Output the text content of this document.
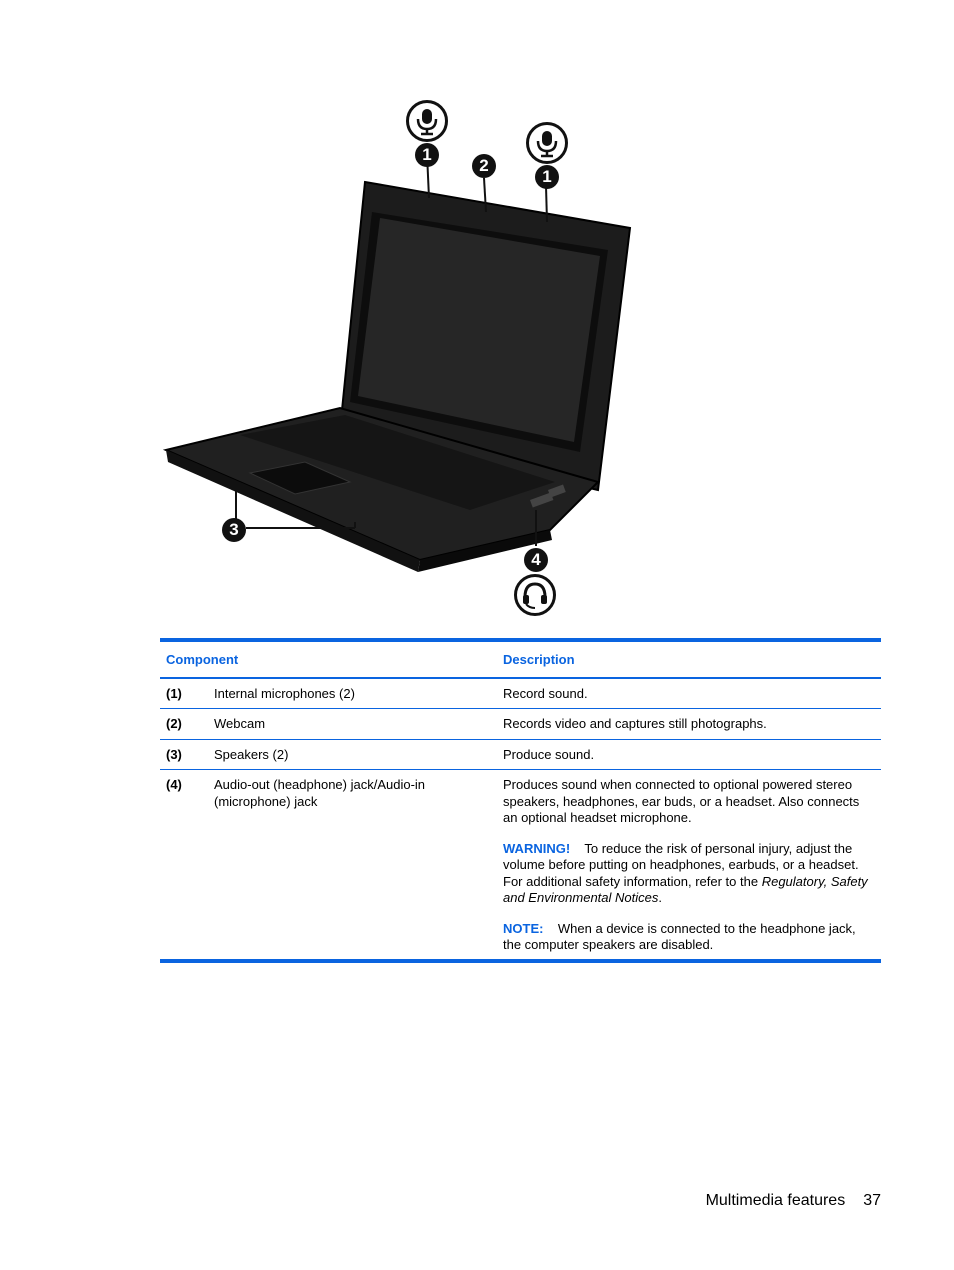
1
2
1
3
4
Component		Description
(1)	Internal microphones (2)	Record sound.
(2)	Webcam	Records video and captures still photographs.
(3)	Speakers (2)	Produce sound.
(4)	Audio-out (headphone) jack/Audio-in (microphone) jack	Produces sound when connected to optional powered stereo speakers, headphones, ear buds, or a headset. Also connects an optional headset microphone.

WARNING! To reduce the risk of personal injury, adjust the volume before putting on headphones, earbuds, or a headset. For additional safety information, refer to the Regulatory, Safety and Environmental Notices.

NOTE: When a device is connected to the headphone jack, the computer speakers are disabled.

Multimedia features 37
